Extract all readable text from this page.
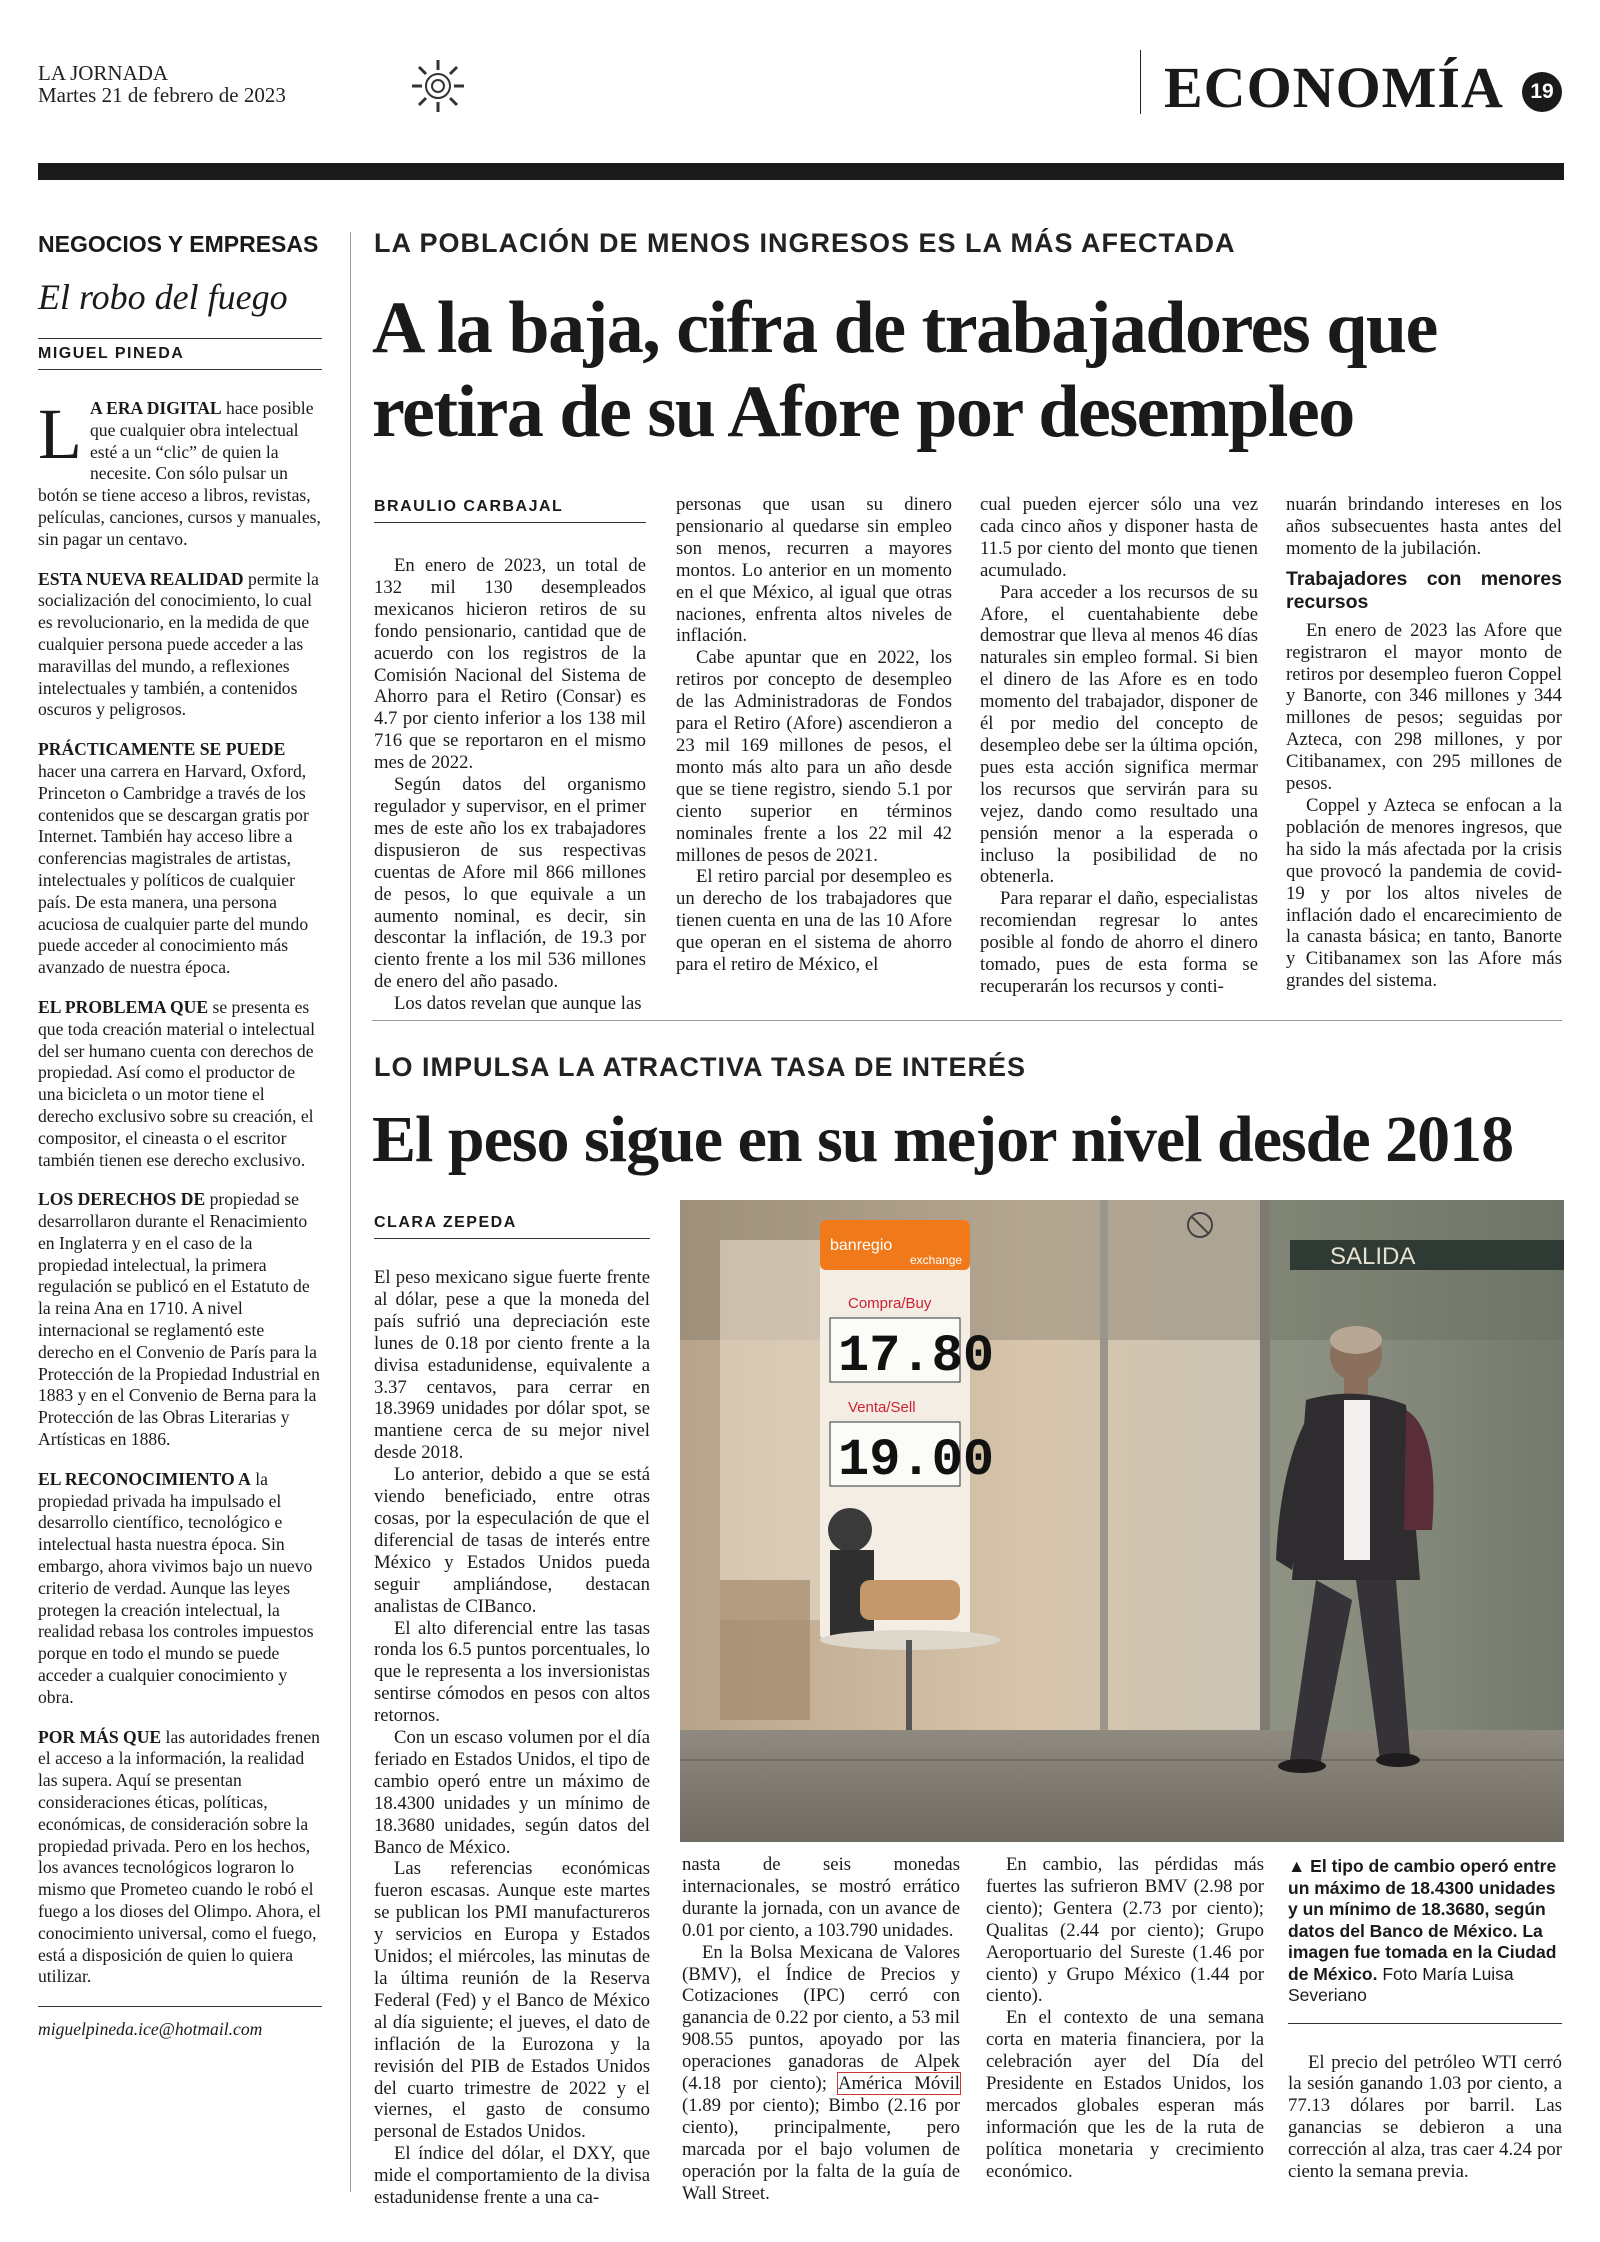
LA JORNADA
Martes 21 de febrero de 2023	ECONOMÍA	19
NEGOCIOS Y EMPRESAS
El robo del fuego
MIGUEL PINEDA

L A ERA DIGITAL hace posible que cualquier obra intelectual esté a un “clic” de quien la necesite. Con sólo pulsar un botón se tiene acceso a libros, revistas, películas, canciones, cursos y manuales, sin pagar un centavo.

ESTA NUEVA REALIDAD permite la socialización del conocimiento, lo cual es revolucionario, en la medida de que cualquier persona puede acceder a las maravillas del mundo, a reflexiones intelectuales y también, a contenidos oscuros y peligrosos.

PRÁCTICAMENTE SE PUEDE hacer una carrera en Harvard, Oxford, Princeton o Cambridge a través de los contenidos que se descargan gratis por Internet. También hay acceso libre a conferencias magistrales de artistas, intelectuales y políticos de cualquier país. De esta manera, una persona acuciosa de cualquier parte del mundo puede acceder al conocimiento más avanzado de nuestra época.

EL PROBLEMA QUE se presenta es que toda creación material o intelectual del ser humano cuenta con derechos de propiedad. Así como el productor de una bicicleta o un motor tiene el derecho exclusivo sobre su creación, el compositor, el cineasta o el escritor también tienen ese derecho exclusivo.

LOS DERECHOS DE propiedad se desarrollaron durante el Renacimiento en Inglaterra y en el caso de la propiedad intelectual, la primera regulación se publicó en el Estatuto de la reina Ana en 1710. A nivel internacional se reglamentó este derecho en el Convenio de París para la Protección de la Propiedad Industrial en 1883 y en el Convenio de Berna para la Protección de las Obras Literarias y Artísticas en 1886.

EL RECONOCIMIENTO A la propiedad privada ha impulsado el desarrollo científico, tecnológico e intelectual hasta nuestra época. Sin embargo, ahora vivimos bajo un nuevo criterio de verdad. Aunque las leyes protegen la creación intelectual, la realidad rebasa los controles impuestos porque en todo el mundo se puede acceder a cualquier conocimiento y obra.

POR MÁS QUE las autoridades frenen el acceso a la información, la realidad las supera. Aquí se presentan consideraciones éticas, políticas, económicas, de consideración sobre la propiedad privada. Pero en los hechos, los avances tecnológicos lograron lo mismo que Prometeo cuando le robó el fuego a los dioses del Olimpo. Ahora, el conocimiento universal, como el fuego, está a disposición de quien lo quiera utilizar.

miguelpineda.ice@hotmail.com
LA POBLACIÓN DE MENOS INGRESOS ES LA MÁS AFECTADA
A la baja, cifra de trabajadores que retira de su Afore por desempleo
BRAULIO CARBAJAL

En enero de 2023, un total de 132 mil 130 desempleados mexicanos hicieron retiros de su fondo pensionario, cantidad que de acuerdo con los registros de la Comisión Nacional del Sistema de Ahorro para el Retiro (Consar) es 4.7 por ciento inferior a los 138 mil 716 que se reportaron en el mismo mes de 2022.

Según datos del organismo regulador y supervisor, en el primer mes de este año los ex trabajadores dispusieron de sus respectivas cuentas de Afore mil 866 millones de pesos, lo que equivale a un aumento nominal, es decir, sin descontar la inflación, de 19.3 por ciento frente a los mil 536 millones de enero del año pasado.

Los datos revelan que aunque las

personas que usan su dinero pensionario al quedarse sin empleo son menos, recurren a mayores montos. Lo anterior en un momento en el que México, al igual que otras naciones, enfrenta altos niveles de inflación.

Cabe apuntar que en 2022, los retiros por concepto de desempleo de las Administradoras de Fondos para el Retiro (Afore) ascendieron a 23 mil 169 millones de pesos, el monto más alto para un año desde que se tiene registro, siendo 5.1 por ciento superior en términos nominales frente a los 22 mil 42 millones de pesos de 2021.

El retiro parcial por desempleo es un derecho de los trabajadores que tienen cuenta en una de las 10 Afore que operan en el sistema de ahorro para el retiro de México, el

cual pueden ejercer sólo una vez cada cinco años y disponer hasta de 11.5 por ciento del monto que tienen acumulado.

Para acceder a los recursos de su Afore, el cuentahabiente debe demostrar que lleva al menos 46 días naturales sin empleo formal. Si bien el dinero de las Afore es en todo momento del trabajador, disponer de él por medio del concepto de desempleo debe ser la última opción, pues esta acción significa mermar los recursos que servirán para su vejez, dando como resultado una pensión menor a la esperada o incluso la posibilidad de no obtenerla.

Para reparar el daño, especialistas recomiendan regresar lo antes posible al fondo de ahorro el dinero tomado, pues de esta forma se recuperarán los recursos y conti-

nuarán brindando intereses en los años subsecuentes hasta antes del momento de la jubilación.

Trabajadores con menores recursos

En enero de 2023 las Afore que registraron el mayor monto de retiros por desempleo fueron Coppel y Banorte, con 346 millones y 344 millones de pesos; seguidas por Azteca, con 298 millones, y por Citibanamex, con 295 millones de pesos.

Coppel y Azteca se enfocan a la población de menores ingresos, que ha sido la más afectada por la crisis que provocó la pandemia de covid-19 y por los altos niveles de inflación dado el encarecimiento de la canasta básica; en tanto, Banorte y Citibanamex son las Afore más grandes del sistema.

LO IMPULSA LA ATRACTIVA TASA DE INTERÉS
El peso sigue en su mejor nivel desde 2018
CLARA ZEPEDA

El peso mexicano sigue fuerte frente al dólar, pese a que la moneda del país sufrió una depreciación este lunes de 0.18 por ciento frente a la divisa estadunidense, equivalente a 3.37 centavos, para cerrar en 18.3969 unidades por dólar spot, se mantiene cerca de su mejor nivel desde 2018.

Lo anterior, debido a que se está viendo beneficiado, entre otras cosas, por la especulación de que el diferencial de tasas de interés entre México y Estados Unidos pueda seguir ampliándose, destacan analistas de CIBanco.

El alto diferencial entre las tasas ronda los 6.5 puntos porcentuales, lo que le representa a los inversionistas sentirse cómodos en pesos con altos retornos.

Con un escaso volumen por el día feriado en Estados Unidos, el tipo de cambio operó entre un máximo de 18.4300 unidades y un mínimo de 18.3680 unidades, según datos del Banco de México.

Las referencias económicas fueron escasas. Aunque este martes se publican los PMI manufactureros y servicios en Europa y Estados Unidos; el miércoles, las minutas de la última reunión de la Reserva Federal (Fed) y el Banco de México al día siguiente; el jueves, el dato de inflación de la Eurozona y la revisión del PIB de Estados Unidos del cuarto trimestre de 2022 y el viernes, el gasto de consumo personal de Estados Unidos.

El índice del dólar, el DXY, que mide el comportamiento de la divisa estadunidense frente a una ca-

SALIDA
banregio
exchange
Compra/Buy
17.80
Venta/Sell
19.00

nasta de seis monedas internacionales, se mostró errático durante la jornada, con un avance de 0.01 por ciento, a 103.790 unidades.

En la Bolsa Mexicana de Valores (BMV), el Índice de Precios y Cotizaciones (IPC) cerró con ganancia de 0.22 por ciento, a 53 mil 908.55 puntos, apoyado por las operaciones ganadoras de Alpek (4.18 por ciento); América Móvil (1.89 por ciento); Bimbo (2.16 por ciento), principalmente, pero marcada por el bajo volumen de operación por la falta de la guía de Wall Street.

En cambio, las pérdidas más fuertes las sufrieron BMV (2.98 por ciento); Gentera (2.73 por ciento); Qualitas (2.44 por ciento); Grupo Aeroportuario del Sureste (1.46 por ciento) y Grupo México (1.44 por ciento).

En el contexto de una semana corta en materia financiera, por la celebración ayer del Día del Presidente en Estados Unidos, los mercados globales esperan más información que les de la ruta de política monetaria y crecimiento económico.

▲ El tipo de cambio operó entre un máximo de 18.4300 unidades y un mínimo de 18.3680, según datos del Banco de México. La imagen fue tomada en la Ciudad de México. Foto María Luisa Severiano

El precio del petróleo WTI cerró la sesión ganando 1.03 por ciento, a 77.13 dólares por barril. Las ganancias se debieron a una corrección al alza, tras caer 4.24 por ciento la semana previa.
